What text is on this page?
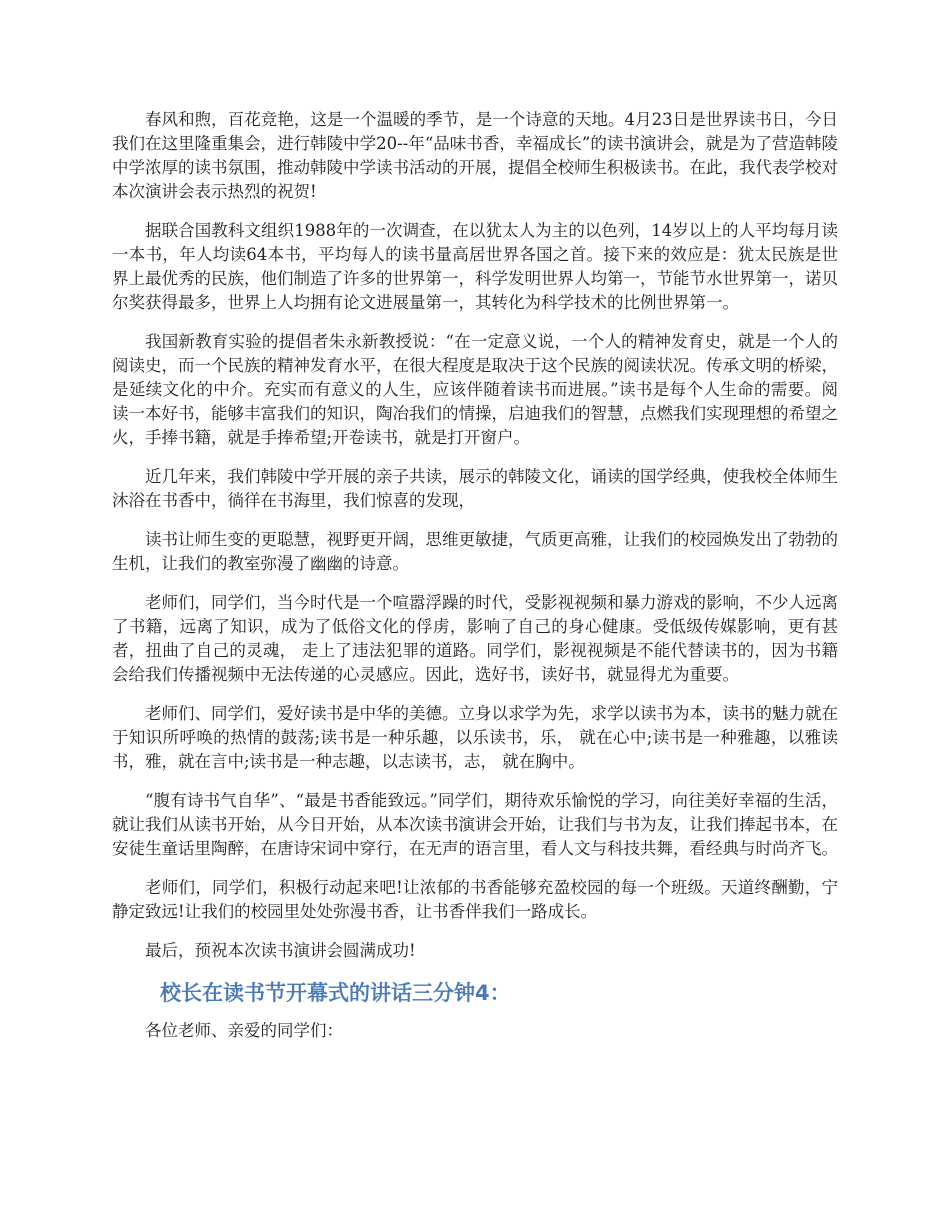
春风和煦，百花竞艳，这是一个温暖的季节，是一个诗意的天地。4月23日是世界读书日，今日我们在这里隆重集会，进行韩陵中学20--年“品味书香，幸福成长”的读书演讲会，就是为了营造韩陵中学浓厚的读书氛围，推动韩陵中学读书活动的开展，提倡全校师生积极读书。在此，我代表学校对本次演讲会表示热烈的祝贺!

据联合国教科文组织1988年的一次调查，在以犹太人为主的以色列，14岁以上的人平均每月读一本书，年人均读64本书，平均每人的读书量高居世界各国之首。接下来的效应是：犹太民族是世界上最优秀的民族，他们制造了许多的世界第一，科学发明世界人均第一，节能节水世界第一，诺贝尔奖获得最多，世界上人均拥有论文进展量第一，其转化为科学技术的比例世界第一。

我国新教育实验的提倡者朱永新教授说：“在一定意义说，一个人的精神发育史，就是一个人的阅读史，而一个民族的精神发育水平，在很大程度是取决于这个民族的阅读状况。传承文明的桥梁，是延续文化的中介。充实而有意义的人生，应该伴随着读书而进展。”读书是每个人生命的需要。阅读一本好书，能够丰富我们的知识，陶冶我们的情操，启迪我们的智慧，点燃我们实现理想的希望之火，手捧书籍，就是手捧希望;开卷读书，就是打开窗户。

近几年来，我们韩陵中学开展的亲子共读，展示的韩陵文化，诵读的国学经典，使我校全体师生沐浴在书香中，徜徉在书海里，我们惊喜的发现，

读书让师生变的更聪慧，视野更开阔，思维更敏捷，气质更高雅，让我们的校园焕发出了勃勃的生机，让我们的教室弥漫了幽幽的诗意。

老师们，同学们，当今时代是一个喧嚣浮躁的时代，受影视视频和暴力游戏的影响，不少人远离了书籍，远离了知识，成为了低俗文化的俘虏，影响了自己的身心健康。受低级传媒影响，更有甚者，扭曲了自己的灵魂， 走上了违法犯罪的道路。同学们，影视视频是不能代替读书的，因为书籍会给我们传播视频中无法传递的心灵感应。因此，选好书，读好书，就显得尤为重要。

老师们、同学们，爱好读书是中华的美德。立身以求学为先，求学以读书为本，读书的魅力就在于知识所呼唤的热情的鼓荡;读书是一种乐趣，以乐读书，乐， 就在心中;读书是一种雅趣，以雅读书，雅，就在言中;读书是一种志趣，以志读书，志， 就在胸中。

“腹有诗书气自华”、“最是书香能致远。”同学们，期待欢乐愉悦的学习，向往美好幸福的生活，就让我们从读书开始，从今日开始，从本次读书演讲会开始，让我们与书为友，让我们捧起书本，在安徒生童话里陶醉，在唐诗宋词中穿行，在无声的语言里，看人文与科技共舞，看经典与时尚齐飞。

老师们，同学们，积极行动起来吧!让浓郁的书香能够充盈校园的每一个班级。天道终酬勤，宁静定致远!让我们的校园里处处弥漫书香，让书香伴我们一路成长。

最后，预祝本次读书演讲会圆满成功!

校长在读书节开幕式的讲话三分钟4：

各位老师、亲爱的同学们：
